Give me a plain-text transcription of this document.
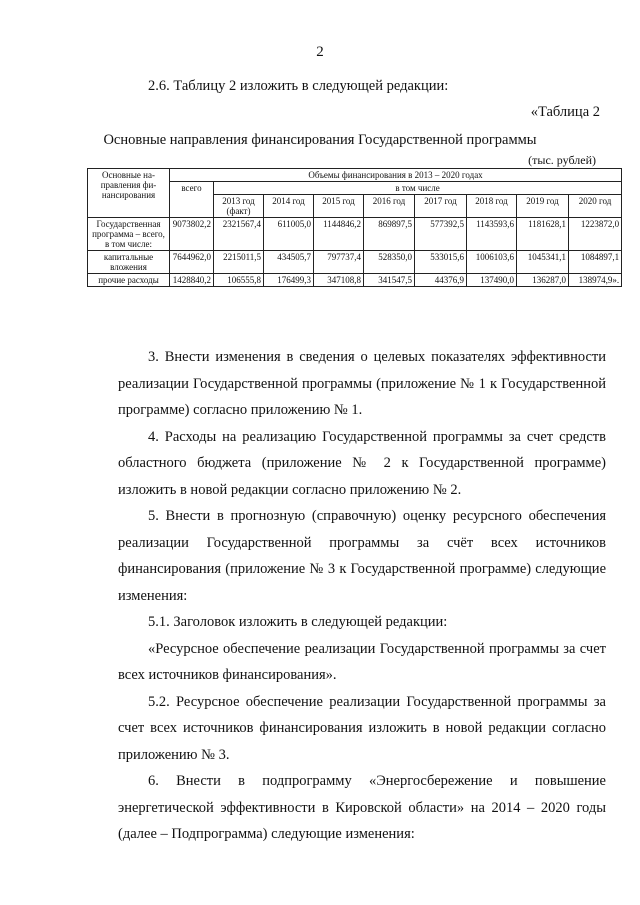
2
2.6. Таблицу 2 изложить в следующей редакции:
«Таблица 2
Основные направления финансирования Государственной программы
(тыс. рублей)
Основные на-правления фи-нансирования	Объемы финансирования в 2013 – 2020 годах								
	всего	в том числе							
		2013 год (факт)	2014 год	2015 год	2016 год	2017 год	2018 год	2019 год	2020 год
Государственная программа – всего, в том числе:	9073802,2	2321567,4	611005,0	1144846,2	869897,5	577392,5	1143593,6	1181628,1	1223872,0
капитальные вложения	7644962,0	2215011,5	434505,7	797737,4	528350,0	533015,6	1006103,6	1045341,1	1084897,1
прочие расходы	1428840,2	106555,8	176499,3	347108,8	341547,5	44376,9	137490,0	136287,0	138974,9».

3. Внести изменения в сведения о целевых показателях эффективности реализации Государственной программы (приложение № 1 к Государственной программе) согласно приложению № 1.

4. Расходы на реализацию Государственной программы за счет средств областного бюджета (приложение № 2 к Государственной программе) изложить в новой редакции согласно приложению № 2.

5. Внести в прогнозную (справочную) оценку ресурсного обеспечения реализации Государственной программы за счёт всех источников финансирования (приложение № 3 к Государственной программе) следующие изменения:

5.1. Заголовок изложить в следующей редакции:

«Ресурсное обеспечение реализации Государственной программы за счет всех источников финансирования».

5.2. Ресурсное обеспечение реализации Государственной программы за счет всех источников финансирования изложить в новой редакции согласно приложению № 3.

6. Внести в подпрограмму «Энергосбережение и повышение энергетической эффективности в Кировской области» на 2014 – 2020 годы (далее – Подпрограмма) следующие изменения:
